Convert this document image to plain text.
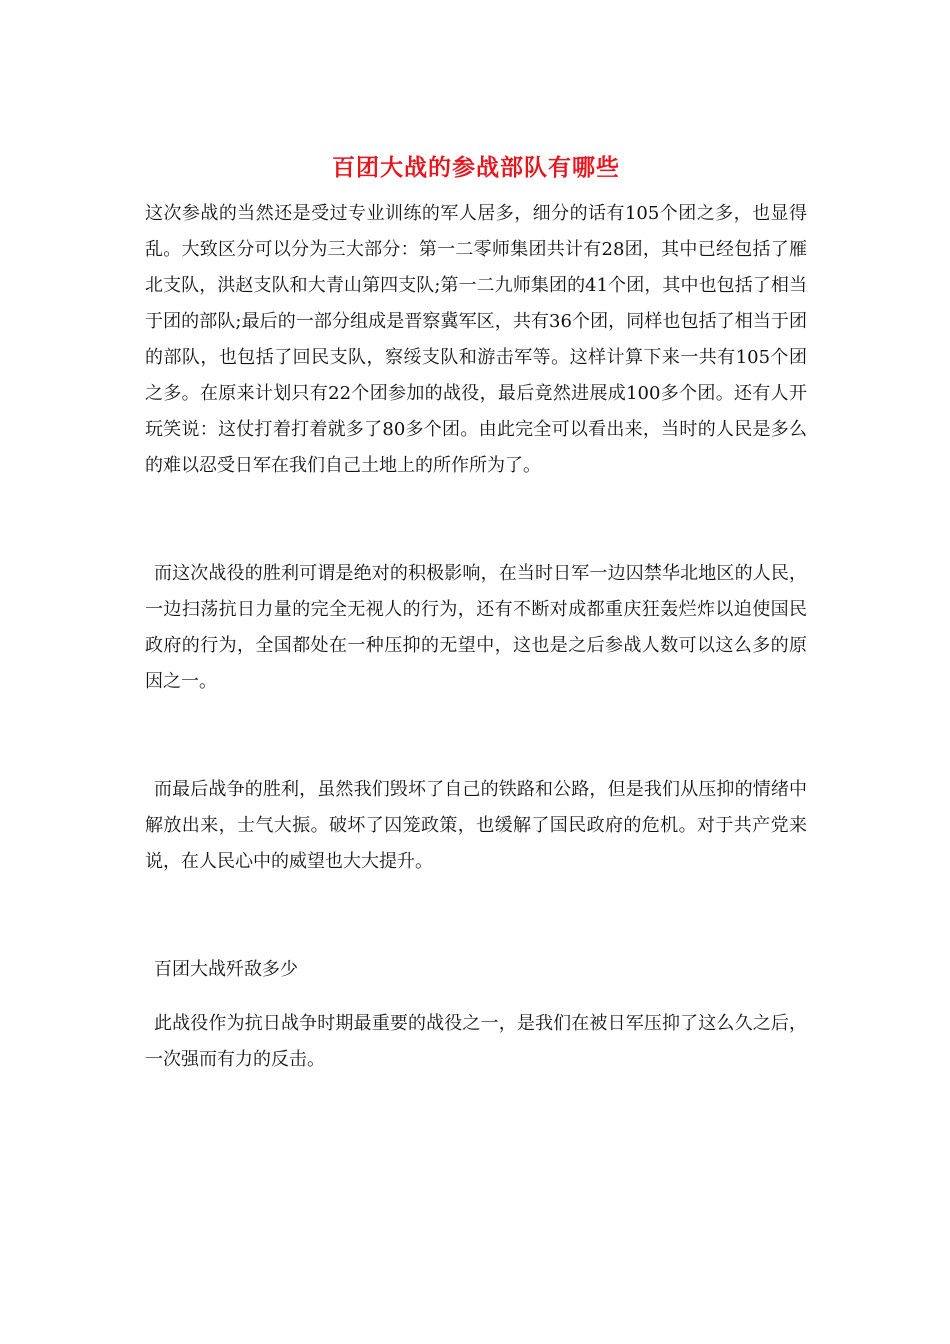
百团大战的参战部队有哪些

这次参战的当然还是受过专业训练的军人居多，细分的话有105个团之多，也显得乱。大致区分可以分为三大部分：第一二零师集团共计有28团，其中已经包括了雁北支队，洪赵支队和大青山第四支队;第一二九师集团的41个团，其中也包括了相当于团的部队;最后的一部分组成是晋察冀军区，共有36个团，同样也包括了相当于团的部队，也包括了回民支队，察绥支队和游击军等。这样计算下来一共有105个团之多。在原来计划只有22个团参加的战役，最后竟然进展成100多个团。还有人开玩笑说：这仗打着打着就多了80多个团。由此完全可以看出来，当时的人民是多么的难以忍受日军在我们自己土地上的所作所为了。

而这次战役的胜利可谓是绝对的积极影响，在当时日军一边囚禁华北地区的人民，一边扫荡抗日力量的完全无视人的行为，还有不断对成都重庆狂轰烂炸以迫使国民政府的行为，全国都处在一种压抑的无望中，这也是之后参战人数可以这么多的原因之一。

而最后战争的胜利，虽然我们毁坏了自己的铁路和公路，但是我们从压抑的情绪中解放出来，士气大振。破坏了囚笼政策，也缓解了国民政府的危机。对于共产党来说，在人民心中的威望也大大提升。

百团大战歼敌多少

此战役作为抗日战争时期最重要的战役之一，是我们在被日军压抑了这么久之后，一次强而有力的反击。
